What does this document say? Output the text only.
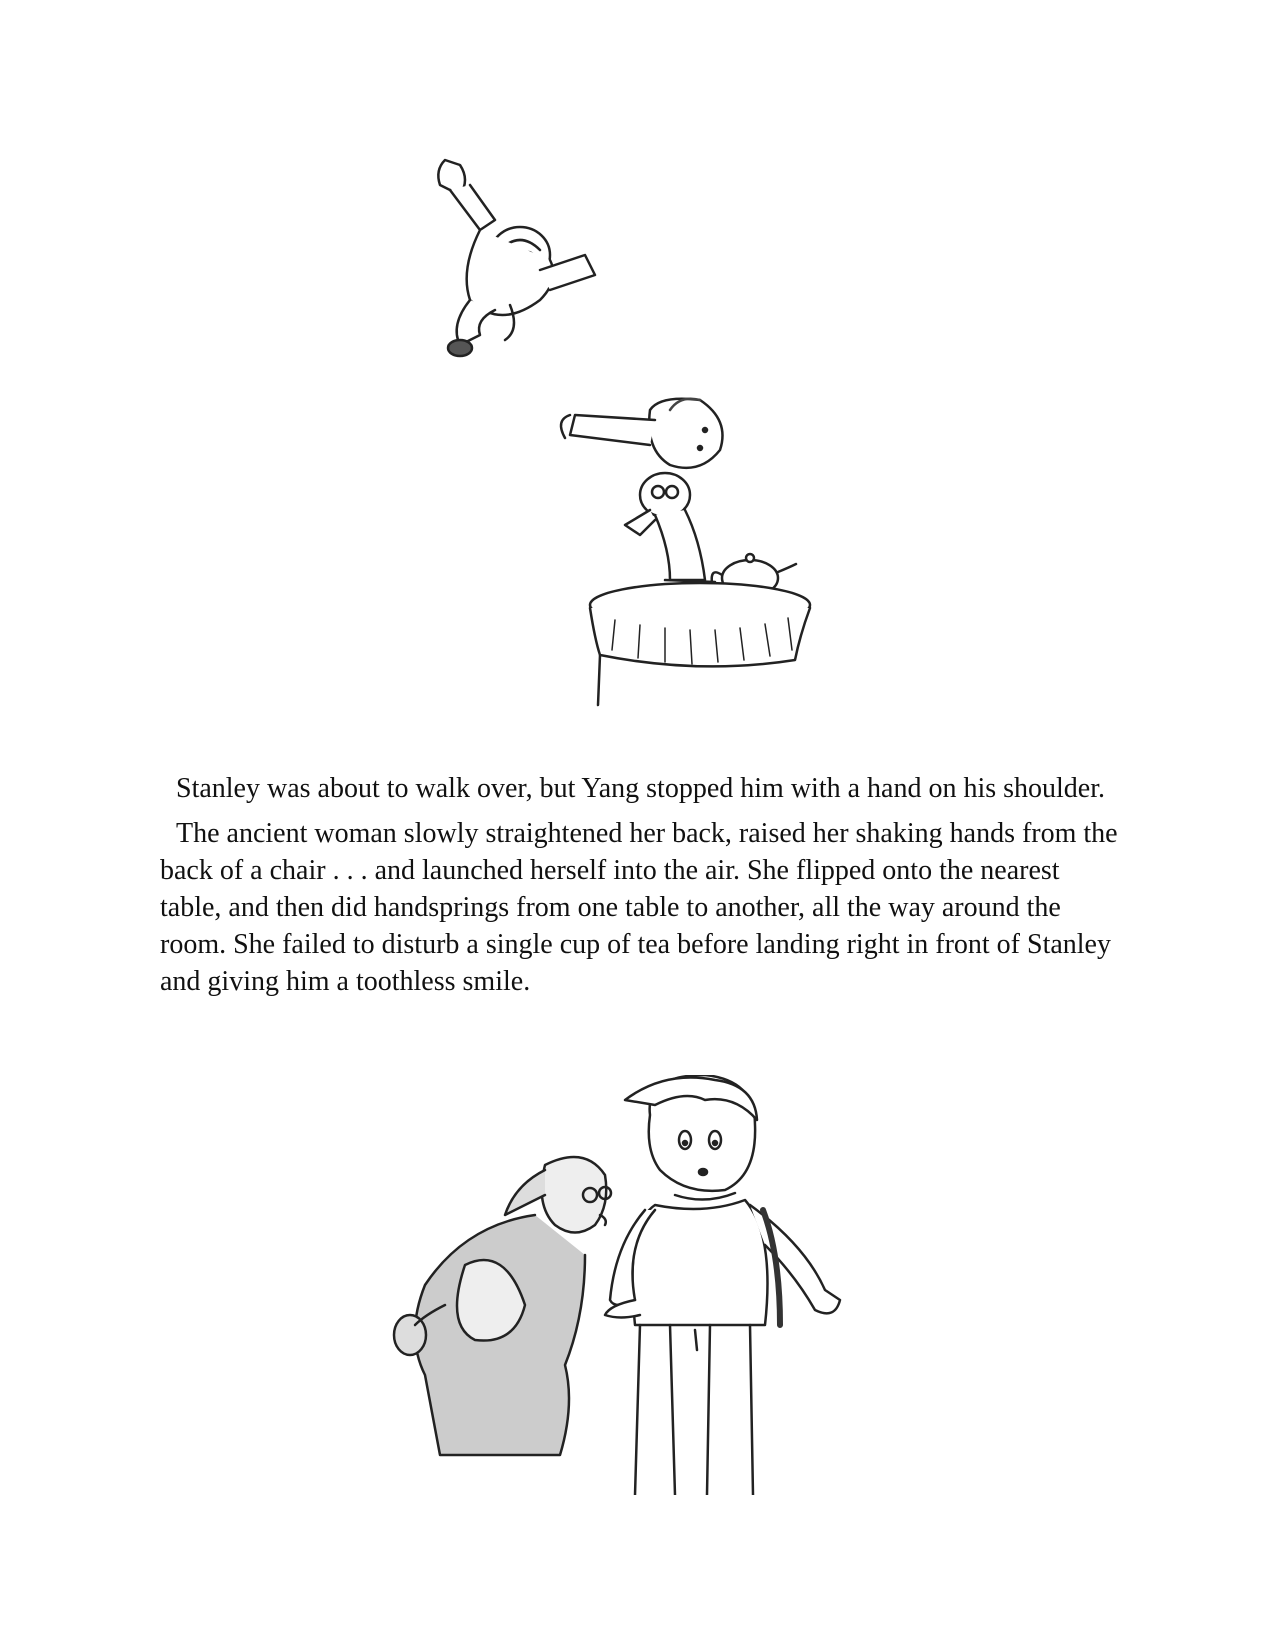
Stanley was about to walk over, but Yang stopped him with a hand on his shoulder.

The ancient woman slowly straightened her back, raised her shaking hands from the back of a chair . . . and launched herself into the air. She flipped onto the nearest table, and then did handsprings from one table to another, all the way around the room. She failed to disturb a single cup of tea before landing right in front of Stanley and giving him a toothless smile.
